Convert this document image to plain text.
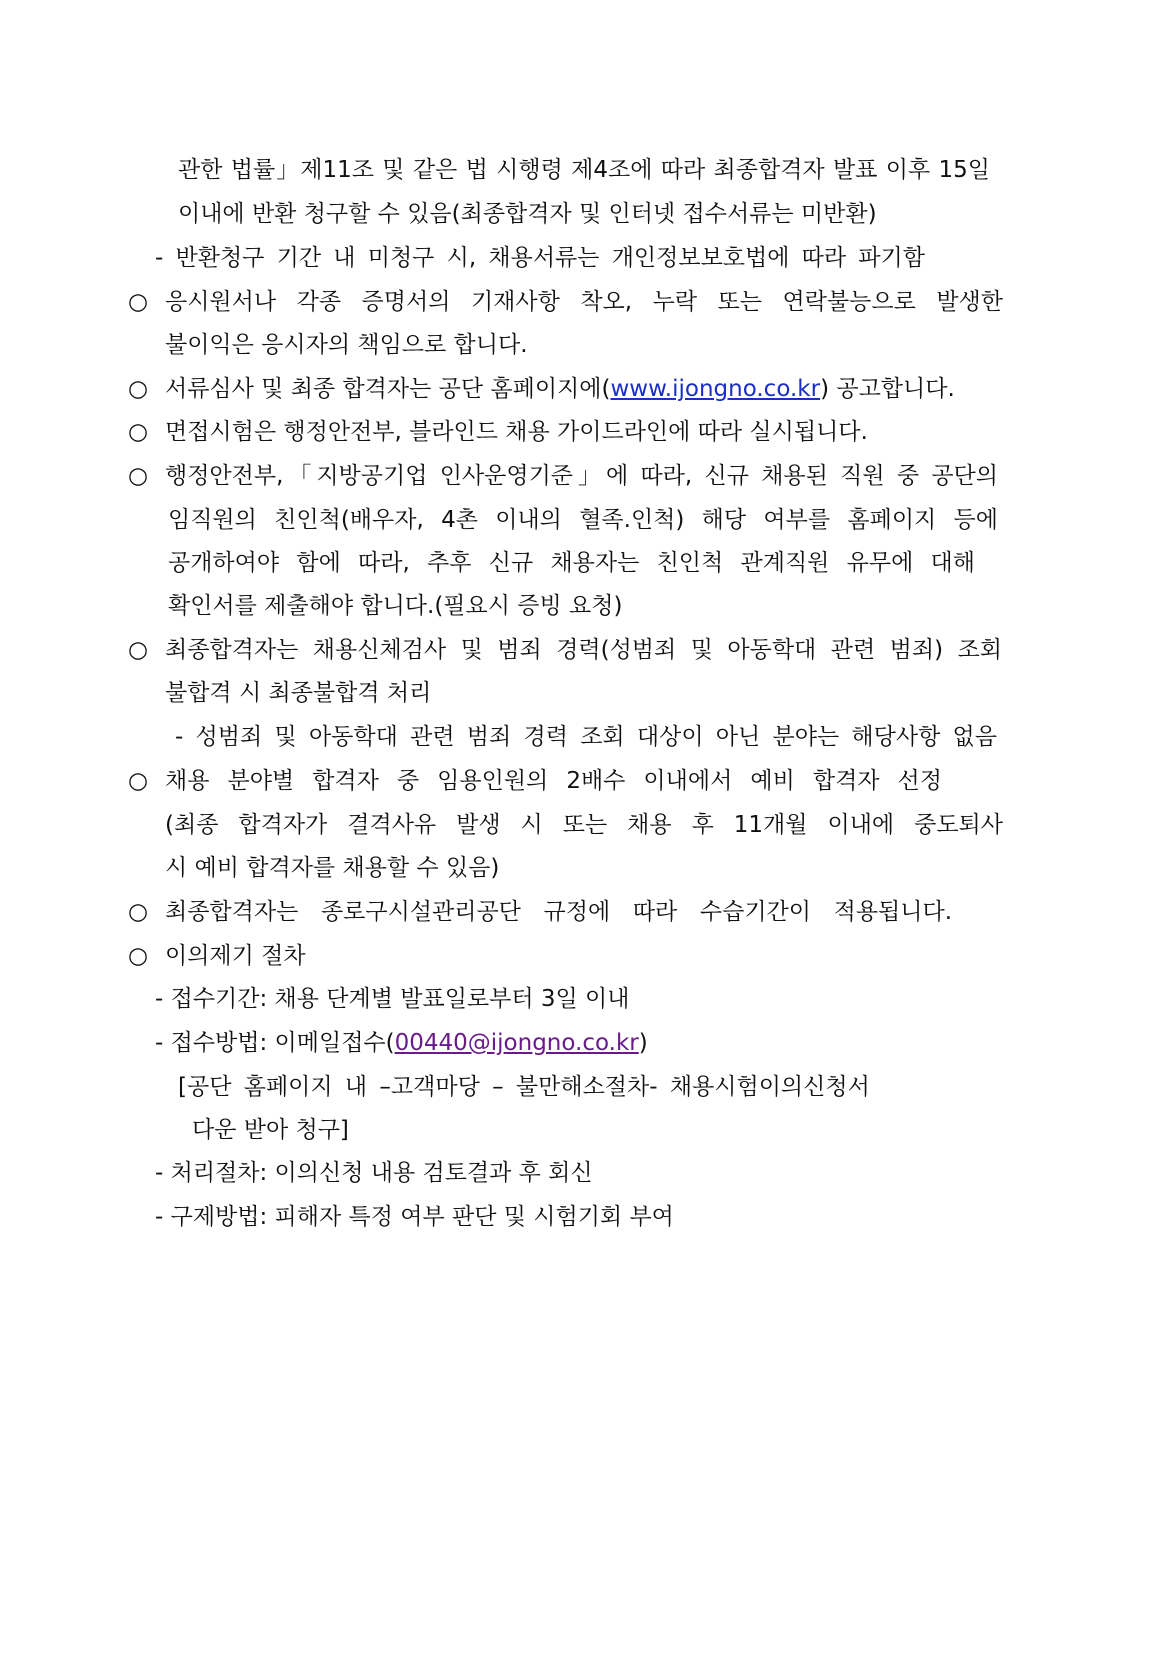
관한 법률」제11조 및 같은 법 시행령 제4조에 따라 최종합격자 발표 이후 15일
이내에 반환 청구할 수 있음(최종합격자 및 인터넷 접수서류는 미반환)
- 반환청구 기간 내 미청구 시, 채용서류는 개인정보보호법에 따라 파기함
○ 응시원서나 각종 증명서의 기재사항 착오, 누락 또는 연락불능으로 발생한
불이익은 응시자의 책임으로 합니다.
○ 서류심사 및 최종 합격자는 공단 홈페이지에(www.ijongno.co.kr) 공고합니다.
○ 면접시험은 행정안전부, 블라인드 채용 가이드라인에 따라 실시됩니다.
○ 행정안전부,「지방공기업 인사운영기준」에 따라, 신규 채용된 직원 중 공단의
임직원의 친인척(배우자, 4촌 이내의 혈족.인척) 해당 여부를 홈페이지 등에
공개하여야 함에 따라, 추후 신규 채용자는 친인척 관계직원 유무에 대해
확인서를 제출해야 합니다.(필요시 증빙 요청)
○ 최종합격자는 채용신체검사 및 범죄 경력(성범죄 및 아동학대 관련 범죄) 조회
불합격 시 최종불합격 처리
- 성범죄 및 아동학대 관련 범죄 경력 조회 대상이 아닌 분야는 해당사항 없음
○ 채용 분야별 합격자 중 임용인원의 2배수 이내에서 예비 합격자 선정
(최종 합격자가 결격사유 발생 시 또는 채용 후 11개월 이내에 중도퇴사
시 예비 합격자를 채용할 수 있음)
○ 최종합격자는 종로구시설관리공단 규정에 따라 수습기간이 적용됩니다.
○ 이의제기 절차
- 접수기간: 채용 단계별 발표일로부터 3일 이내
- 접수방법: 이메일접수(00440@ijongno.co.kr)
[공단 홈페이지 내 –고객마당 – 불만해소절차- 채용시험이의신청서
다운 받아 청구]
- 처리절차: 이의신청 내용 검토결과 후 회신
- 구제방법: 피해자 특정 여부 판단 및 시험기회 부여
